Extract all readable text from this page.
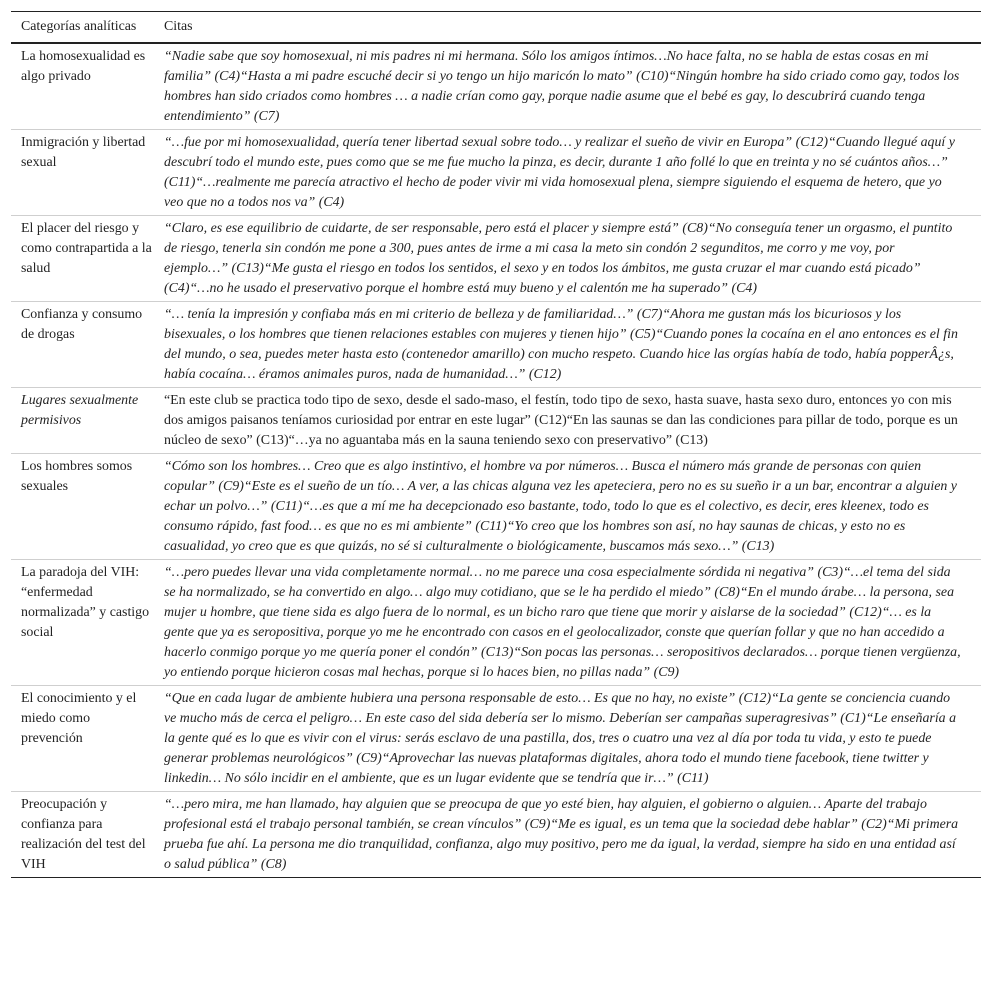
Categorías analíticas	Citas
La homosexualidad es algo privado
“Nadie sabe que soy homosexual, ni mis padres ni mi hermana. Sólo los amigos íntimos…No hace falta, no se habla de estas cosas en mi familia” (C4)“Hasta a mi padre escuché decir si yo tengo un hijo maricón lo mato” (C10)“Ningún hombre ha sido criado como gay, todos los hombres han sido criados como hombres … a nadie crían como gay, porque nadie asume que el bebé es gay, lo descubrirá cuando tenga entendimiento” (C7)
Inmigración y libertad sexual
“…fue por mi homosexualidad, quería tener libertad sexual sobre todo… y realizar el sueño de vivir en Europa” (C12)“Cuando llegué aquí y descubrí todo el mundo este, pues como que se me fue mucho la pinza, es decir, durante 1 año follé lo que en treinta y no sé cuántos años…” (C11)“…realmente me parecía atractivo el hecho de poder vivir mi vida homosexual plena, siempre siguiendo el esquema de hetero, que yo veo que no a todos nos va” (C4)
El placer del riesgo y como contrapartida a la salud
“Claro, es ese equilibrio de cuidarte, de ser responsable, pero está el placer y siempre está” (C8)“No conseguía tener un orgasmo, el puntito de riesgo, tenerla sin condón me pone a 300, pues antes de irme a mi casa la meto sin condón 2 segunditos, me corro y me voy, por ejemplo…” (C13)“Me gusta el riesgo en todos los sentidos, el sexo y en todos los ámbitos, me gusta cruzar el mar cuando está picado” (C4)“…no he usado el preservativo porque el hombre está muy bueno y el calentón me ha superado” (C4)
Confianza y consumo de drogas
“… tenía la impresión y confiaba más en mi criterio de belleza y de familiaridad…” (C7)“Ahora me gustan más los bicuriosos y los bisexuales, o los hombres que tienen relaciones estables con mujeres y tienen hijo” (C5)“Cuando pones la cocaína en el ano entonces es el fin del mundo, o sea, puedes meter hasta esto (contenedor amarillo) con mucho respeto. Cuando hice las orgías había de todo, había popperÂ¿s, había cocaína… éramos animales puros, nada de humanidad…” (C12)
Lugares sexualmente permisivos
“En este club se practica todo tipo de sexo, desde el sado-maso, el festín, todo tipo de sexo, hasta suave, hasta sexo duro, entonces yo con mis dos amigos paisanos teníamos curiosidad por entrar en este lugar” (C12)“En las saunas se dan las condiciones para pillar de todo, porque es un núcleo de sexo” (C13)“…ya no aguantaba más en la sauna teniendo sexo con preservativo” (C13)
Los hombres somos sexuales
“Cómo son los hombres… Creo que es algo instintivo, el hombre va por números… Busca el número más grande de personas con quien copular” (C9)“Este es el sueño de un tío… A ver, a las chicas alguna vez les apeteciera, pero no es su sueño ir a un bar, encontrar a alguien y echar un polvo…” (C11)“…es que a mí me ha decepcionado eso bastante, todo, todo lo que es el colectivo, es decir, eres kleenex, todo es consumo rápido, fast food… es que no es mi ambiente” (C11)“Yo creo que los hombres son así, no hay saunas de chicas, y esto no es casualidad, yo creo que es que quizás, no sé si culturalmente o biológicamente, buscamos más sexo…” (C13)
La paradoja del VIH: “enfermedad normalizada” y castigo social
“…pero puedes llevar una vida completamente normal… no me parece una cosa especialmente sórdida ni negativa” (C3)“…el tema del sida se ha normalizado, se ha convertido en algo… algo muy cotidiano, que se le ha perdido el miedo” (C8)“En el mundo árabe… la persona, sea mujer u hombre, que tiene sida es algo fuera de lo normal, es un bicho raro que tiene que morir y aislarse de la sociedad” (C12)“… es la gente que ya es seropositiva, porque yo me he encontrado con casos en el geolocalizador, conste que querían follar y que no han accedido a hacerlo conmigo porque yo me quería poner el condón” (C13)“Son pocas las personas… seropositivos declarados… porque tienen vergüenza, yo entiendo porque hicieron cosas mal hechas, porque si lo haces bien, no pillas nada” (C9)
El conocimiento y el miedo como prevención
“Que en cada lugar de ambiente hubiera una persona responsable de esto… Es que no hay, no existe” (C12)“La gente se conciencia cuando ve mucho más de cerca el peligro… En este caso del sida debería ser lo mismo. Deberían ser campañas superagresivas” (C1)“Le enseñaría a la gente qué es lo que es vivir con el virus: serás esclavo de una pastilla, dos, tres o cuatro una vez al día por toda tu vida, y esto te puede generar problemas neurológicos” (C9)“Aprovechar las nuevas plataformas digitales, ahora todo el mundo tiene facebook, tiene twitter y linkedin… No sólo incidir en el ambiente, que es un lugar evidente que se tendría que ir…” (C11)
Preocupación y confianza para realización del test del VIH
“…pero mira, me han llamado, hay alguien que se preocupa de que yo esté bien, hay alguien, el gobierno o alguien… Aparte del trabajo profesional está el trabajo personal también, se crean vínculos” (C9)“Me es igual, es un tema que la sociedad debe hablar” (C2)“Mi primera prueba fue ahí. La persona me dio tranquilidad, confianza, algo muy positivo, pero me da igual, la verdad, siempre ha sido en una entidad así o salud pública” (C8)
